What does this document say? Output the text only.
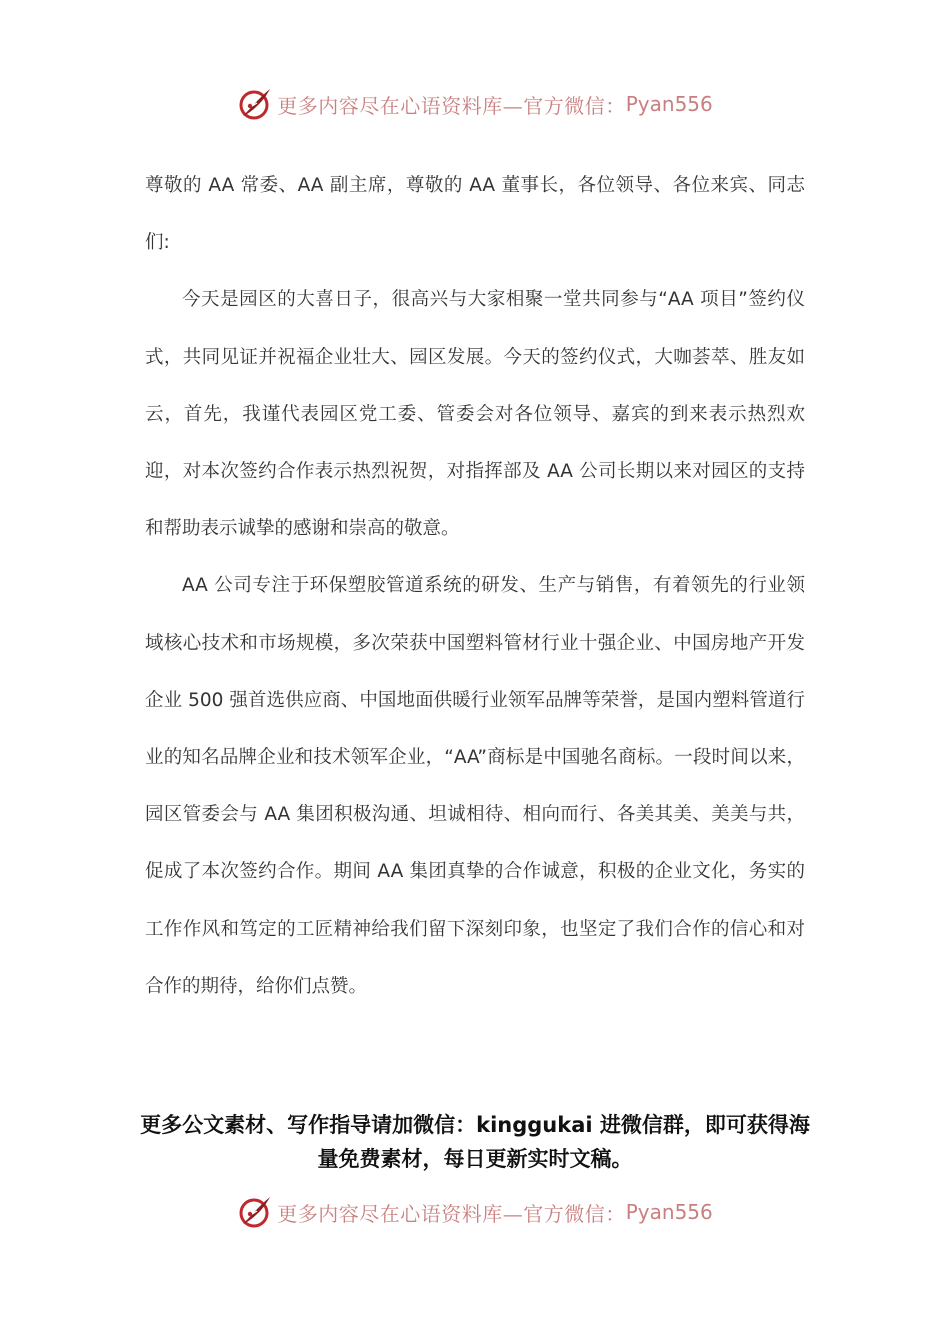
更多内容尽在心语资料库—官方微信： Pyan556

尊敬的 AA 常委、AA 副主席，尊敬的 AA 董事长，各位领导、各位来宾、同志们:

今天是园区的大喜日子，很高兴与大家相聚一堂共同参与“AA 项目”签约仪式，共同见证并祝福企业壮大、园区发展。今天的签约仪式，大咖荟萃、胜友如云，首先，我谨代表园区党工委、管委会对各位领导、嘉宾的到来表示热烈欢迎，对本次签约合作表示热烈祝贺，对指挥部及 AA 公司长期以来对园区的支持和帮助表示诚挚的感谢和崇高的敬意。

AA 公司专注于环保塑胶管道系统的研发、生产与销售，有着领先的行业领域核心技术和市场规模，多次荣获中国塑料管材行业十强企业、中国房地产开发企业 500 强首选供应商、中国地面供暖行业领军品牌等荣誉，是国内塑料管道行业的知名品牌企业和技术领军企业，“AA”商标是中国驰名商标。一段时间以来，园区管委会与 AA 集团积极沟通、坦诚相待、相向而行、各美其美、美美与共，促成了本次签约合作。期间 AA 集团真挚的合作诚意，积极的企业文化，务实的工作作风和笃定的工匠精神给我们留下深刻印象，也坚定了我们合作的信心和对合作的期待，给你们点赞。

更多公文素材、写作指导请加微信：kinggukai 进微信群，即可获得海量免费素材，每日更新实时文稿。
更多内容尽在心语资料库—官方微信： Pyan556
